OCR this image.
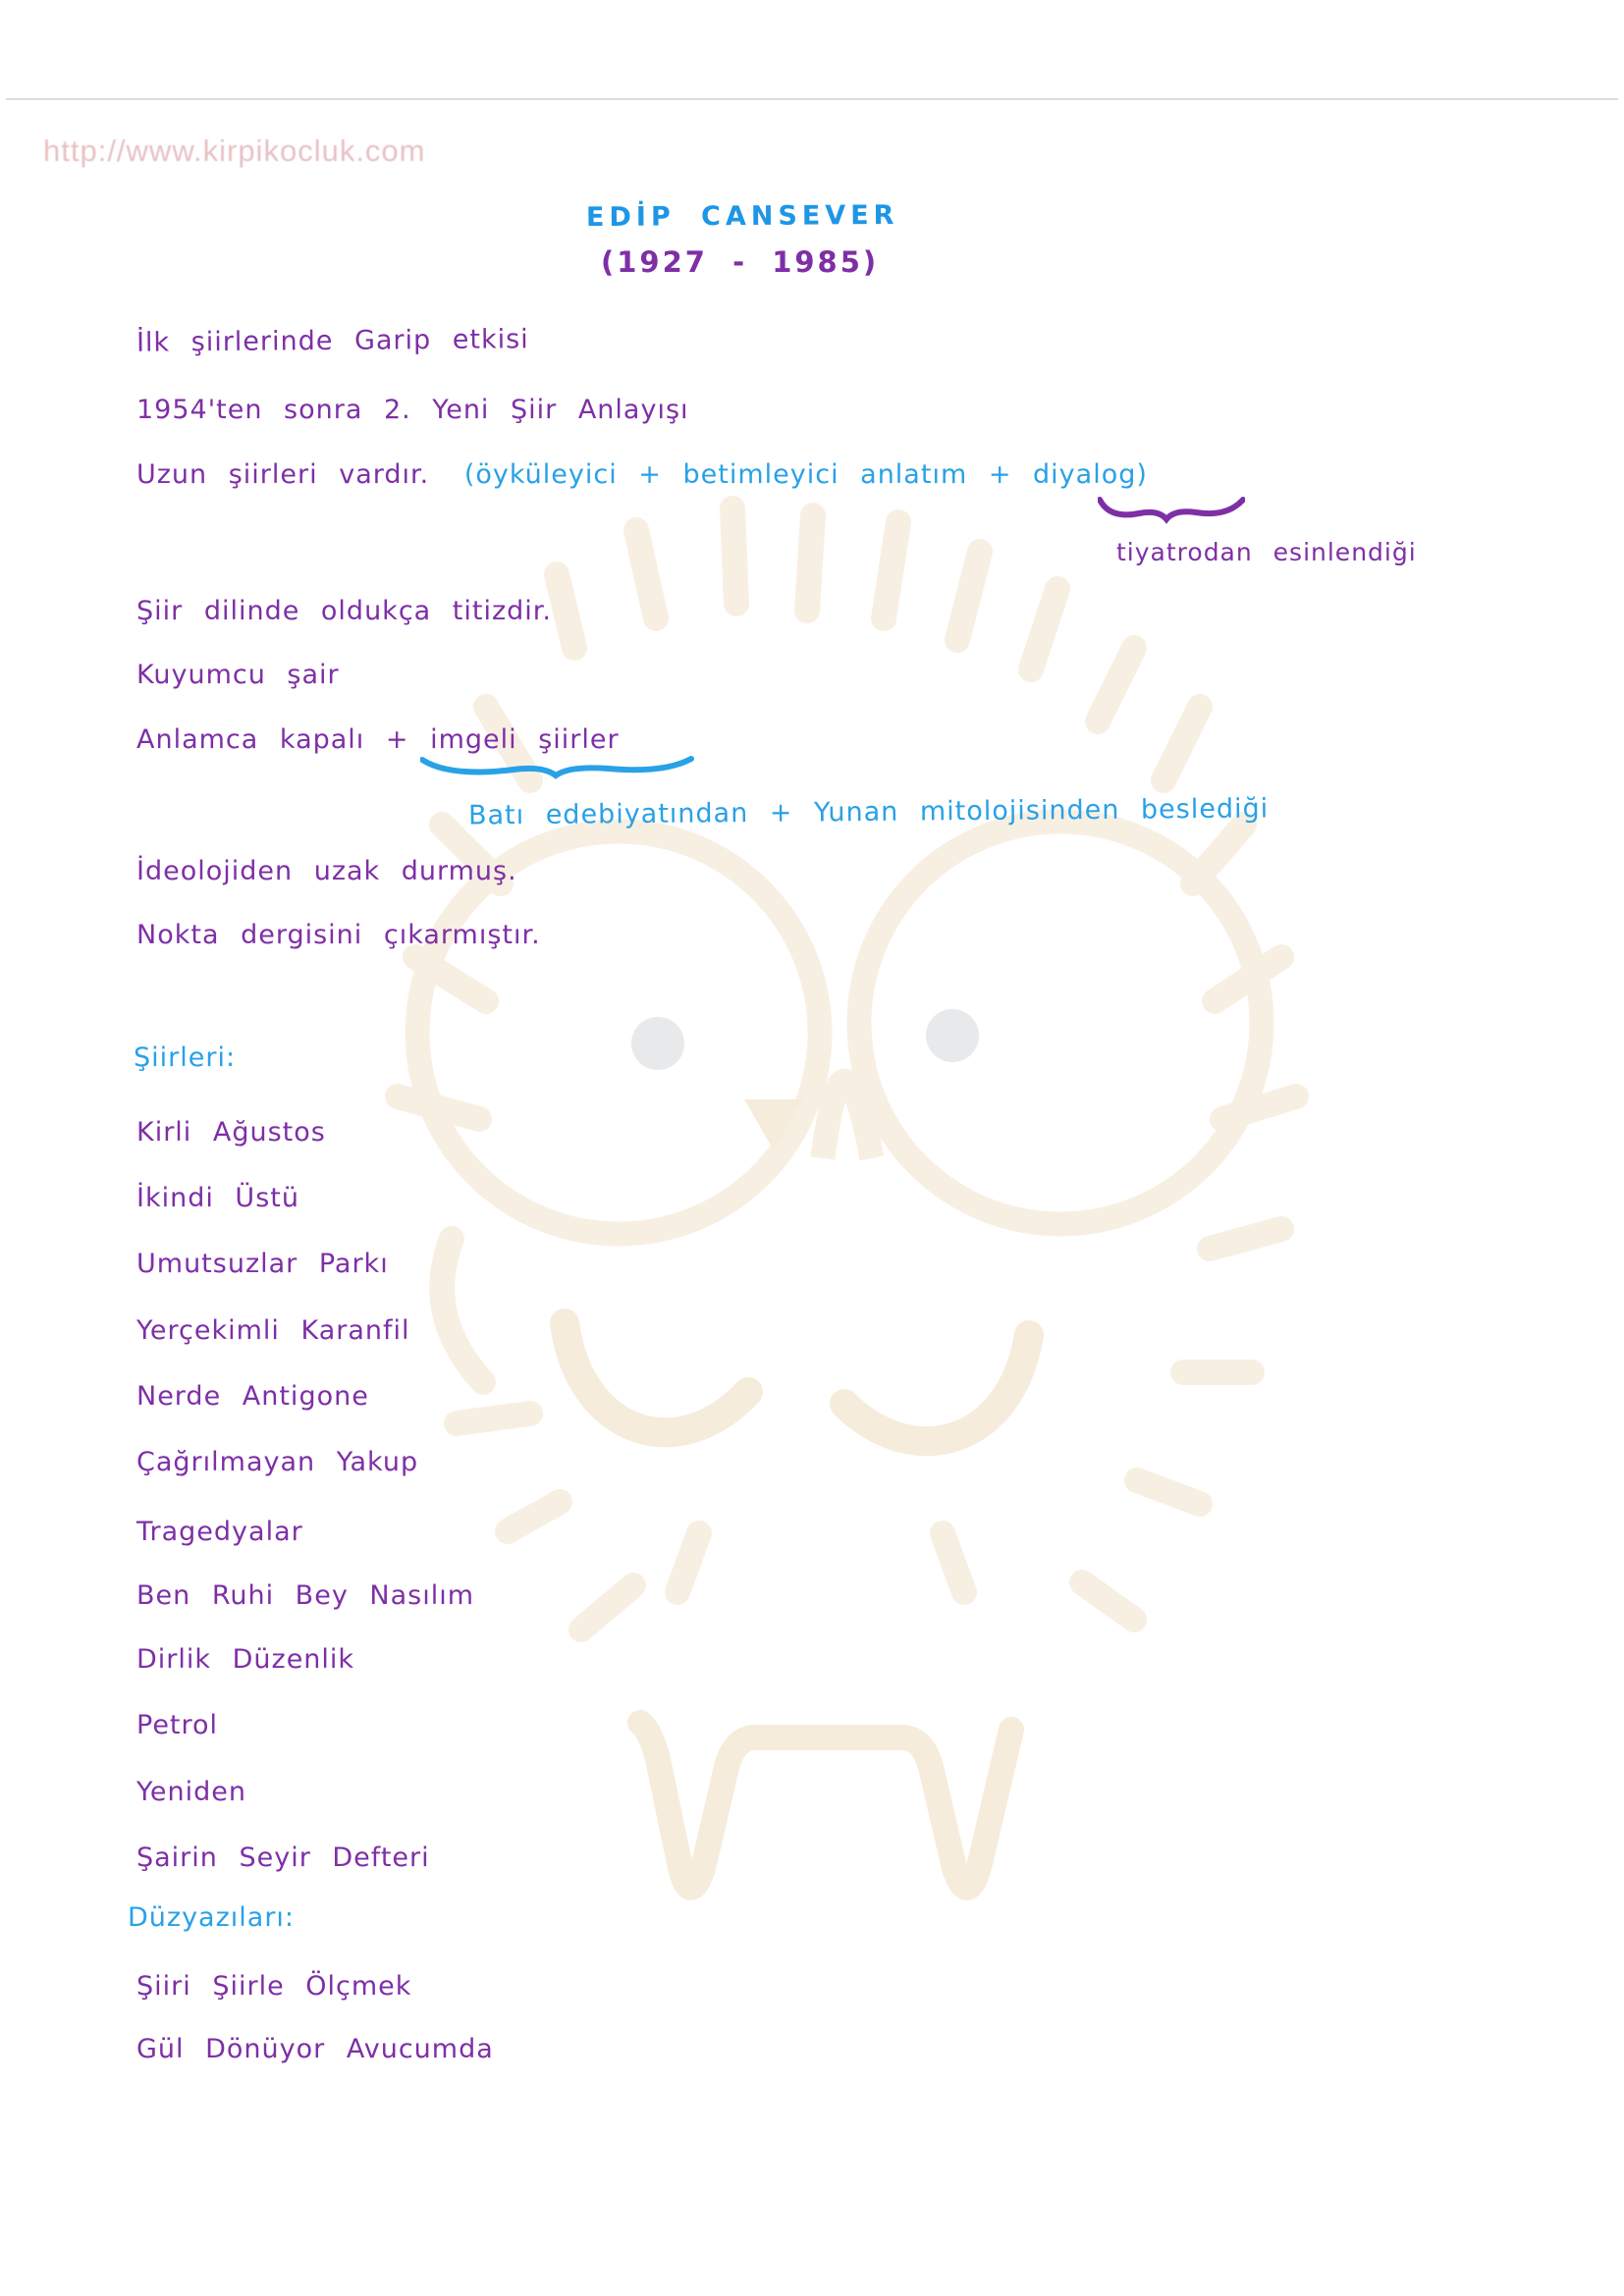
http://www.kirpikocluk.com
EDİP CANSEVER
(1927 - 1985)
İlk şiirlerinde Garip etkisi
1954'ten sonra 2. Yeni Şiir Anlayışı
Uzun şiirleri vardır. (öyküleyici + betimleyici anlatım + diyalog)
tiyatrodan esinlendiği
Şiir dilinde oldukça titizdir.
Kuyumcu şair
Anlamca kapalı + imgeli şiirler
Batı edebiyatından + Yunan mitolojisinden beslediği
İdeolojiden uzak durmuş.
Nokta dergisini çıkarmıştır.
Şiirleri:
Kirli Ağustos
İkindi Üstü
Umutsuzlar Parkı
Yerçekimli Karanfil
Nerde Antigone
Çağrılmayan Yakup
Tragedyalar
Ben Ruhi Bey Nasılım
Dirlik Düzenlik
Petrol
Yeniden
Şairin Seyir Defteri
Düzyazıları:
Şiiri Şiirle Ölçmek
Gül Dönüyor Avucumda
